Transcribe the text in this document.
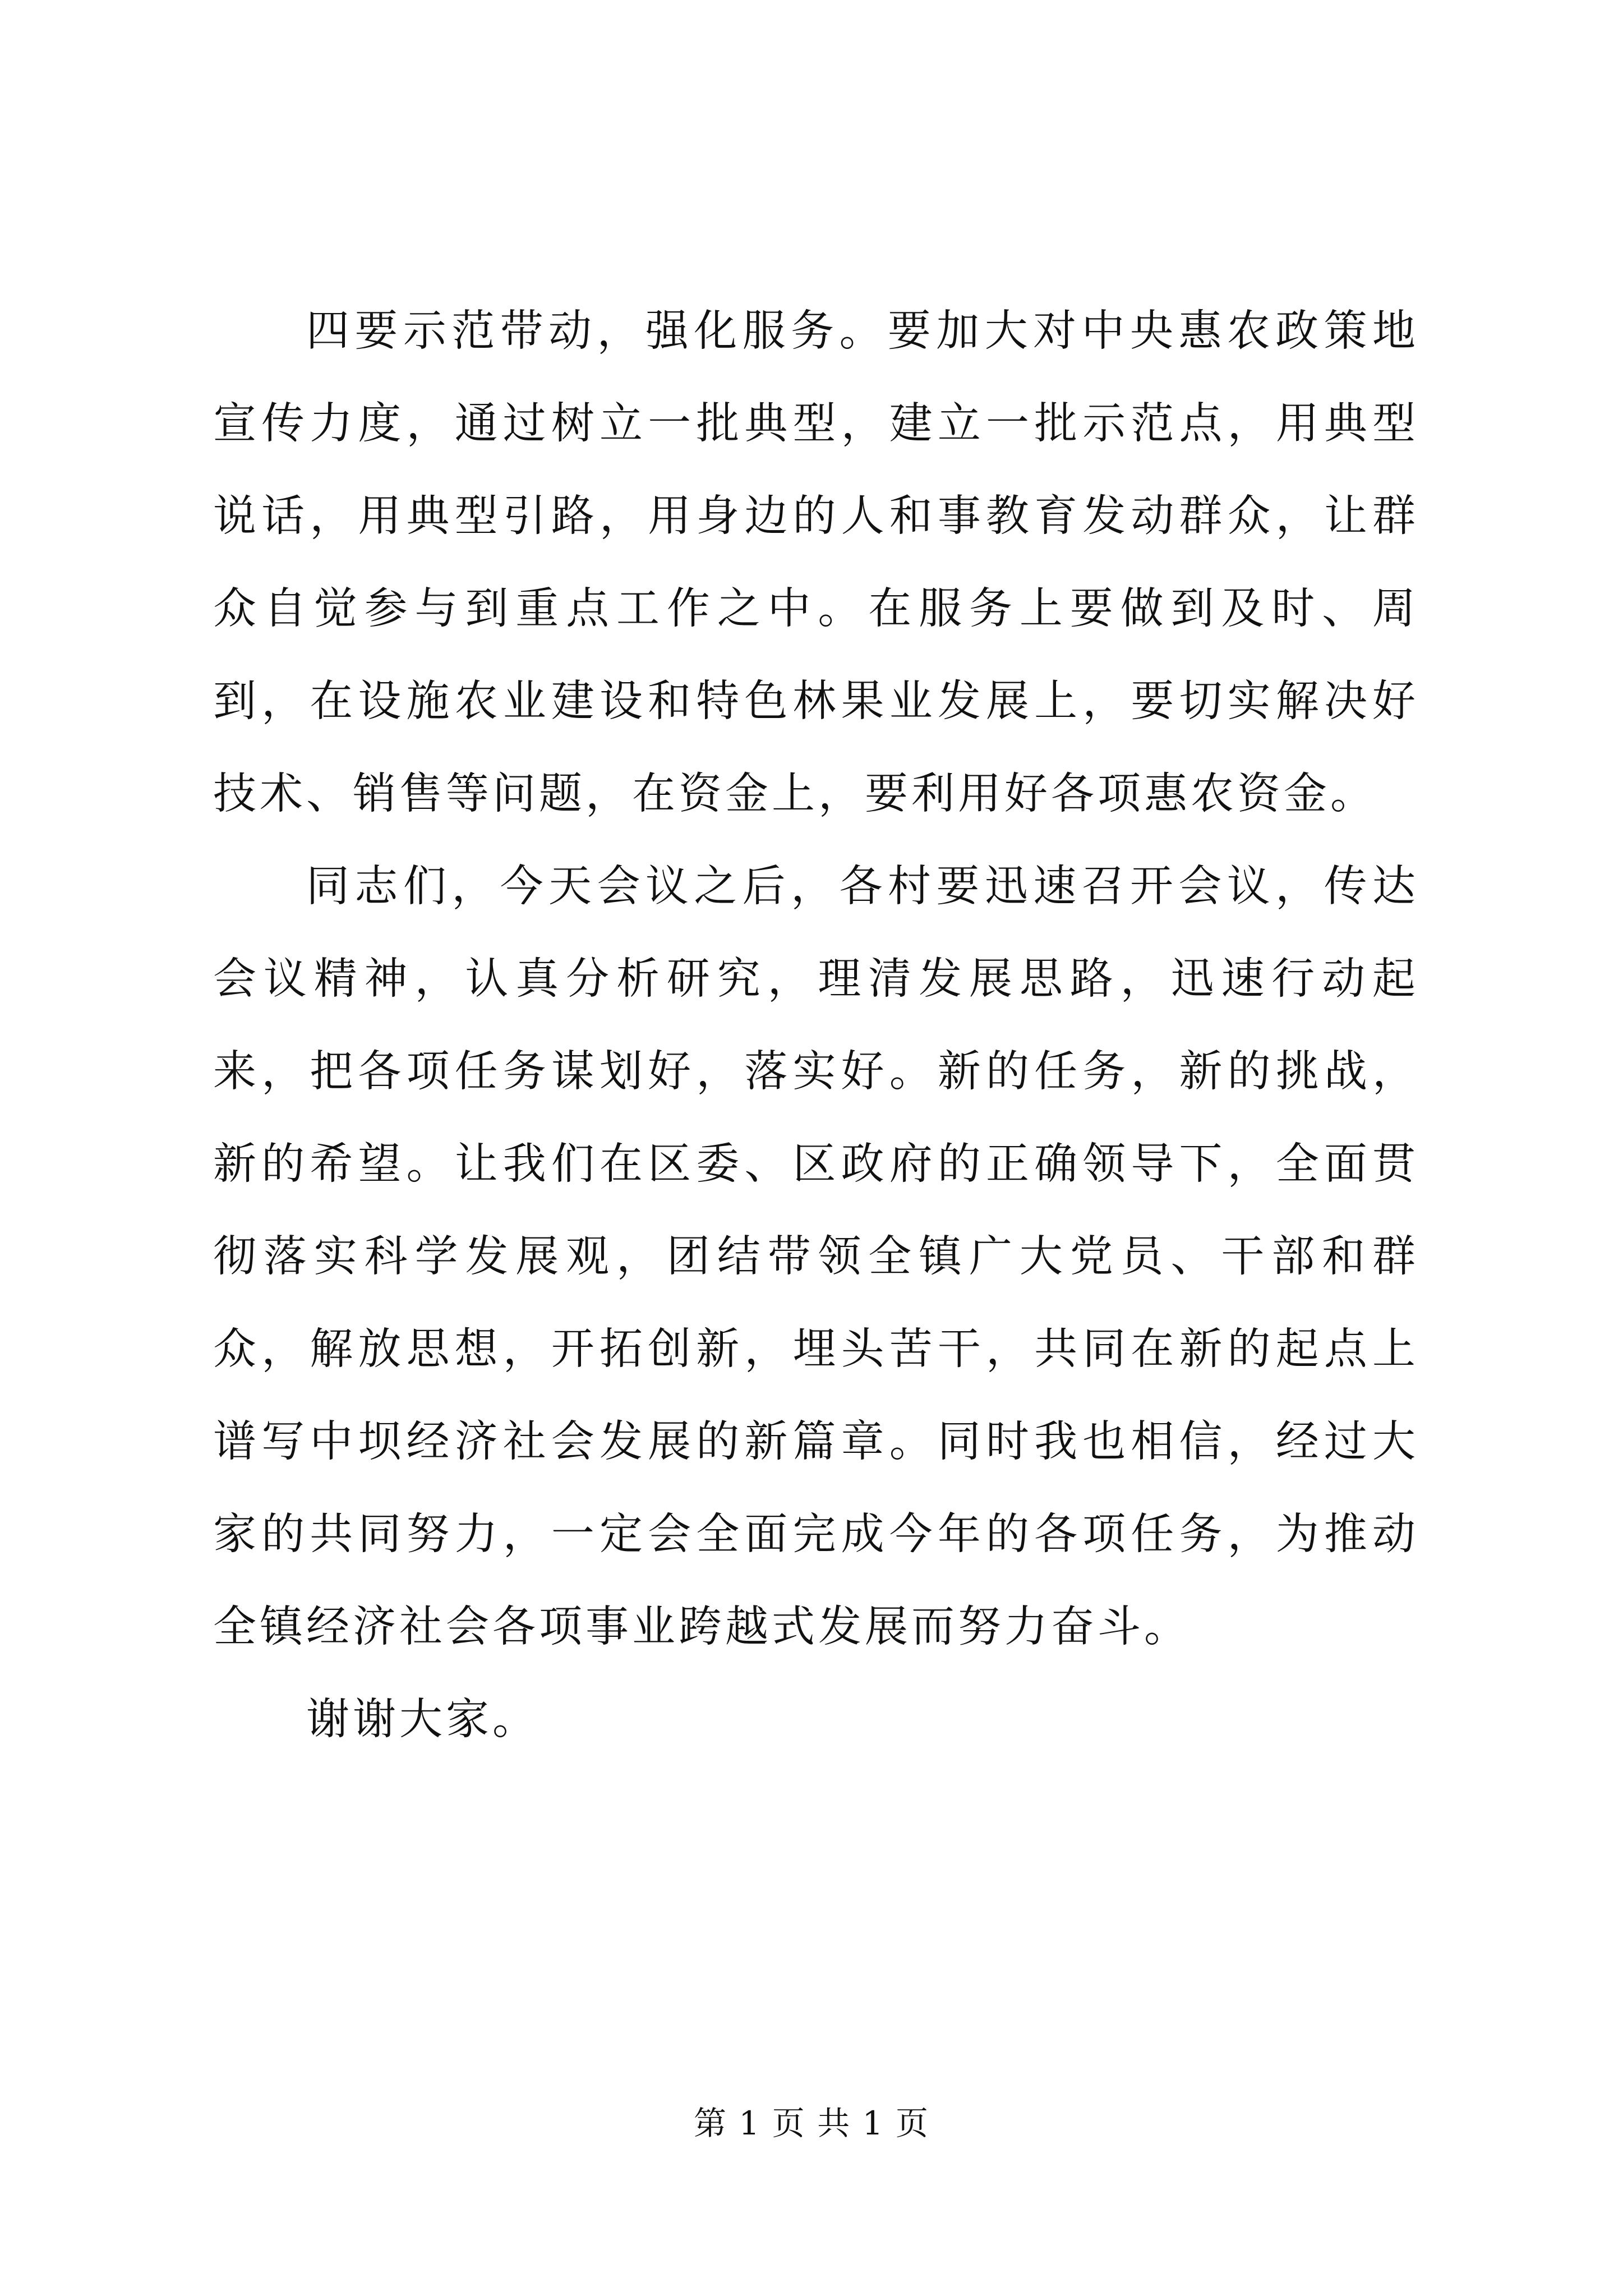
四要示范带动，强化服务。要加大对中央惠农政策地宣传力度，通过树立一批典型，建立一批示范点，用典型说话，用典型引路，用身边的人和事教育发动群众，让群众自觉参与到重点工作之中。在服务上要做到及时、周到，在设施农业建设和特色林果业发展上，要切实解决好技术、销售等问题，在资金上，要利用好各项惠农资金。

同志们，今天会议之后，各村要迅速召开会议，传达会议精神，认真分析研究，理清发展思路，迅速行动起来，把各项任务谋划好，落实好。新的任务，新的挑战，新的希望。让我们在区委、区政府的正确领导下，全面贯彻落实科学发展观，团结带领全镇广大党员、干部和群众，解放思想，开拓创新，埋头苦干，共同在新的起点上谱写中坝经济社会发展的新篇章。同时我也相信，经过大家的共同努力，一定会全面完成今年的各项任务，为推动全镇经济社会各项事业跨越式发展而努力奋斗。

谢谢大家。

第 1 页 共 1 页
